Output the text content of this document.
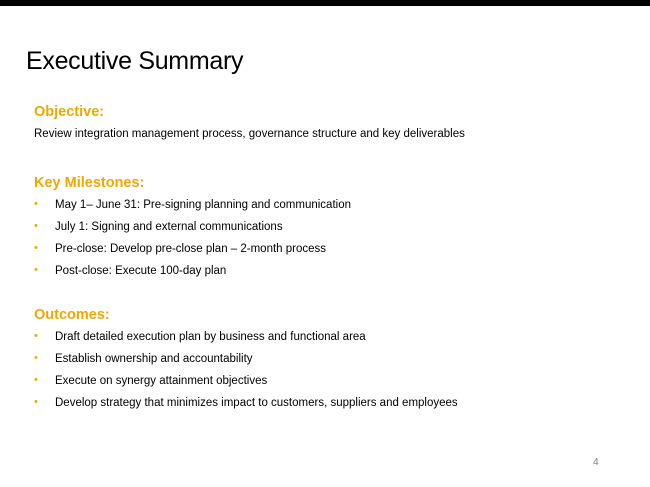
Executive Summary
Objective:
Review integration management process, governance structure and key deliverables
Key Milestones:
• May 1– June 31: Pre-signing planning and communication
• July 1: Signing and external communications
• Pre-close: Develop pre-close plan – 2-month process
• Post-close: Execute 100-day plan
Outcomes:
• Draft detailed execution plan by business and functional area
• Establish ownership and accountability
• Execute on synergy attainment objectives
• Develop strategy that minimizes impact to customers, suppliers and employees
4
